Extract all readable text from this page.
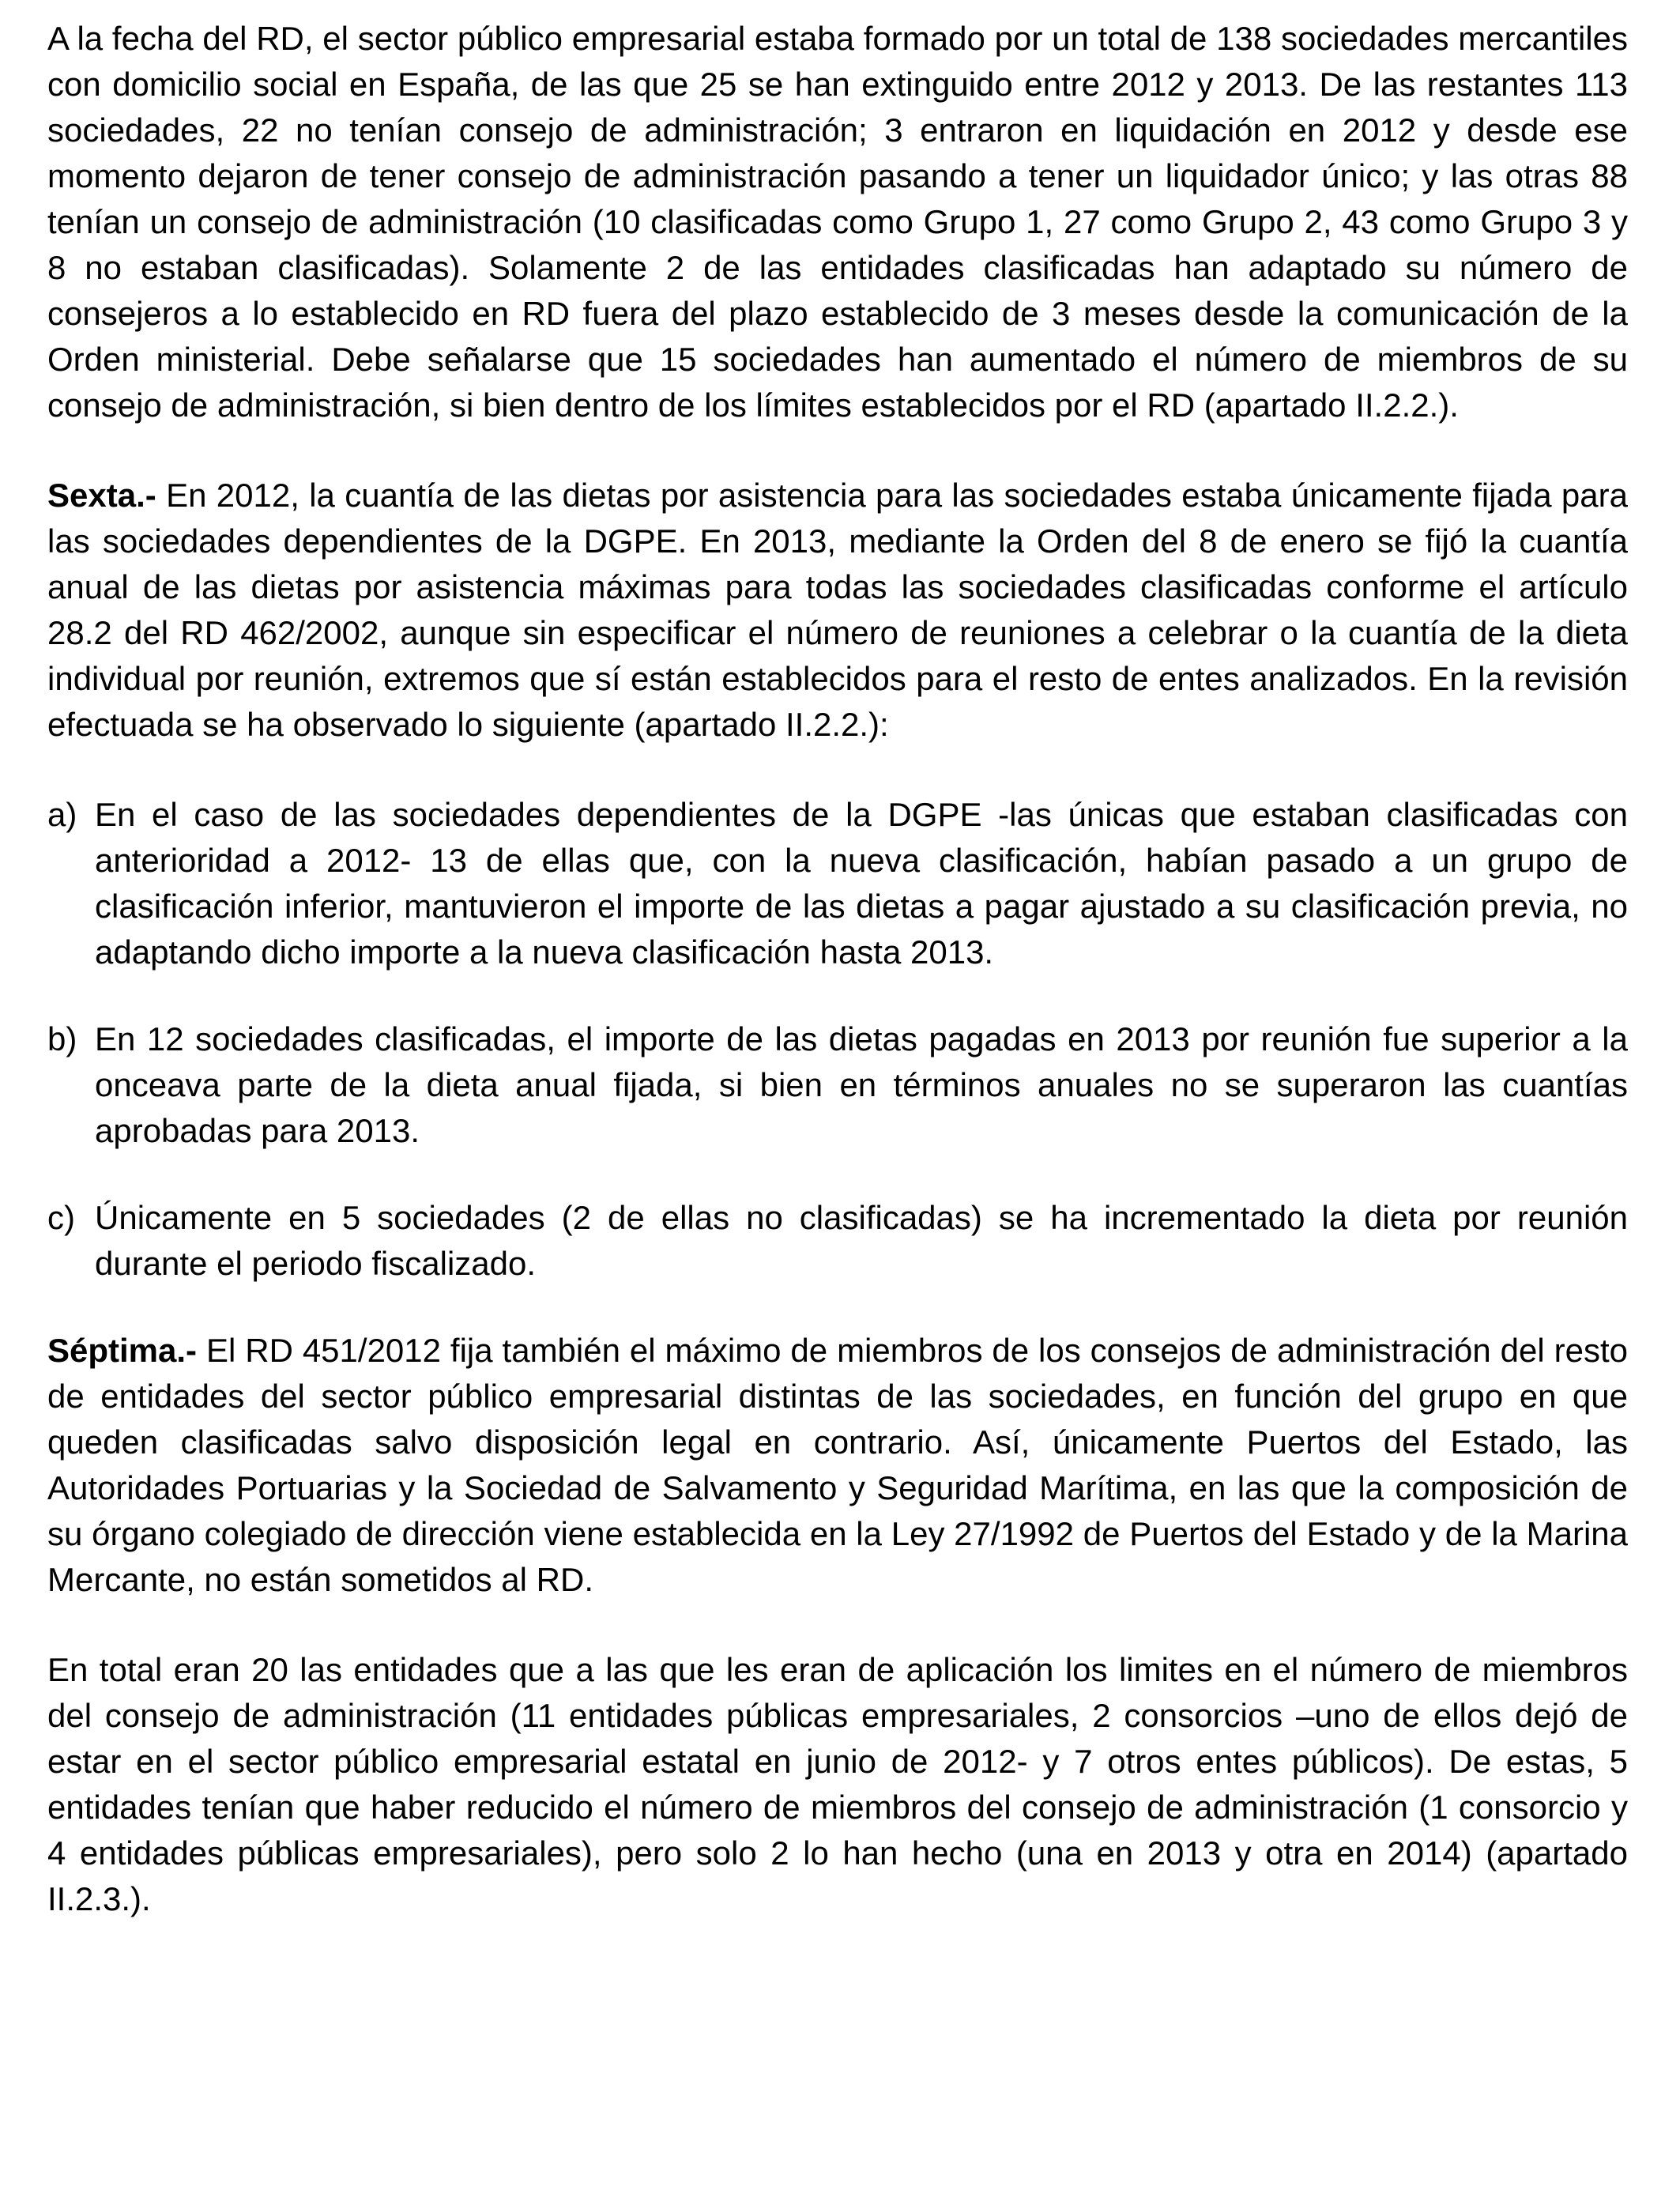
A la fecha del RD, el sector público empresarial estaba formado por un total de 138 sociedades mercantiles con domicilio social en España, de las que 25 se han extinguido entre 2012 y 2013. De las restantes 113 sociedades, 22 no tenían consejo de administración; 3 entraron en liquidación en 2012 y desde ese momento dejaron de tener consejo de administración pasando a tener un liquidador único; y las otras 88 tenían un consejo de administración (10 clasificadas como Grupo 1, 27 como Grupo 2, 43 como Grupo 3 y 8 no estaban clasificadas). Solamente 2 de las entidades clasificadas han adaptado su número de consejeros a lo establecido en RD fuera del plazo establecido de 3 meses desde la comunicación de la Orden ministerial. Debe señalarse que 15 sociedades han aumentado el número de miembros de su consejo de administración, si bien dentro de los límites establecidos por el RD (apartado II.2.2.).

Sexta.- En 2012, la cuantía de las dietas por asistencia para las sociedades estaba únicamente fijada para las sociedades dependientes de la DGPE. En 2013, mediante la Orden del 8 de enero se fijó la cuantía anual de las dietas por asistencia máximas para todas las sociedades clasificadas conforme el artículo 28.2 del RD 462/2002, aunque sin especificar el número de reuniones a celebrar o la cuantía de la dieta individual por reunión, extremos que sí están establecidos para el resto de entes analizados. En la revisión efectuada se ha observado lo siguiente (apartado II.2.2.):

a) En el caso de las sociedades dependientes de la DGPE -las únicas que estaban clasificadas con anterioridad a 2012- 13 de ellas que, con la nueva clasificación, habían pasado a un grupo de clasificación inferior, mantuvieron el importe de las dietas a pagar ajustado a su clasificación previa, no adaptando dicho importe a la nueva clasificación hasta 2013.
b) En 12 sociedades clasificadas, el importe de las dietas pagadas en 2013 por reunión fue superior a la onceava parte de la dieta anual fijada, si bien en términos anuales no se superaron las cuantías aprobadas para 2013.
c) Únicamente en 5 sociedades (2 de ellas no clasificadas) se ha incrementado la dieta por reunión durante el periodo fiscalizado.

Séptima.- El RD 451/2012 fija también el máximo de miembros de los consejos de administración del resto de entidades del sector público empresarial distintas de las sociedades, en función del grupo en que queden clasificadas salvo disposición legal en contrario. Así, únicamente Puertos del Estado, las Autoridades Portuarias y la Sociedad de Salvamento y Seguridad Marítima, en las que la composición de su órgano colegiado de dirección viene establecida en la Ley 27/1992 de Puertos del Estado y de la Marina Mercante, no están sometidos al RD.

En total eran 20 las entidades que a las que les eran de aplicación los limites en el número de miembros del consejo de administración (11 entidades públicas empresariales, 2 consorcios –uno de ellos dejó de estar en el sector público empresarial estatal en junio de 2012- y 7 otros entes públicos). De estas, 5 entidades tenían que haber reducido el número de miembros del consejo de administración (1 consorcio y 4 entidades públicas empresariales), pero solo 2 lo han hecho (una en 2013 y otra en 2014) (apartado II.2.3.).
